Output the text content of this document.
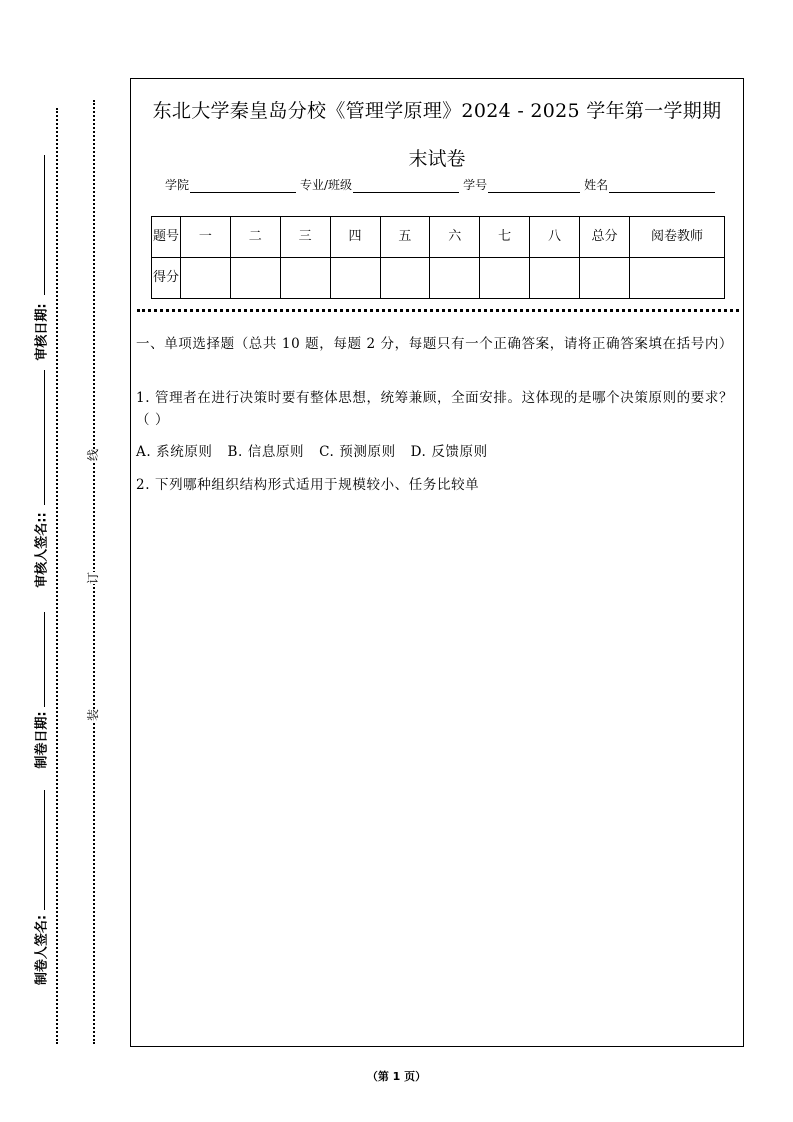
审核日期:
审核人签名::
制卷日期:
制卷人签名:
线
订
装
东北大学秦皇岛分校《管理学原理》2024 - 2025 学年第一学期期
末试卷
学院	专业/班级	学号	姓名
题号	一	二	三	四	五	六	七	八	总分	阅卷教师
得分										
一、单项选择题（总共 10 题，每题 2 分，每题只有一个正确答案，请将正确答案填在括号内）
1. 管理者在进行决策时要有整体思想，统筹兼顾，全面安排。这体现的是哪个决策原则的要求？（ ）
A. 系统原则 B. 信息原则 C. 预测原则 D. 反馈原则
2. 下列哪种组织结构形式适用于规模较小、任务比较单
（第 1 页）
